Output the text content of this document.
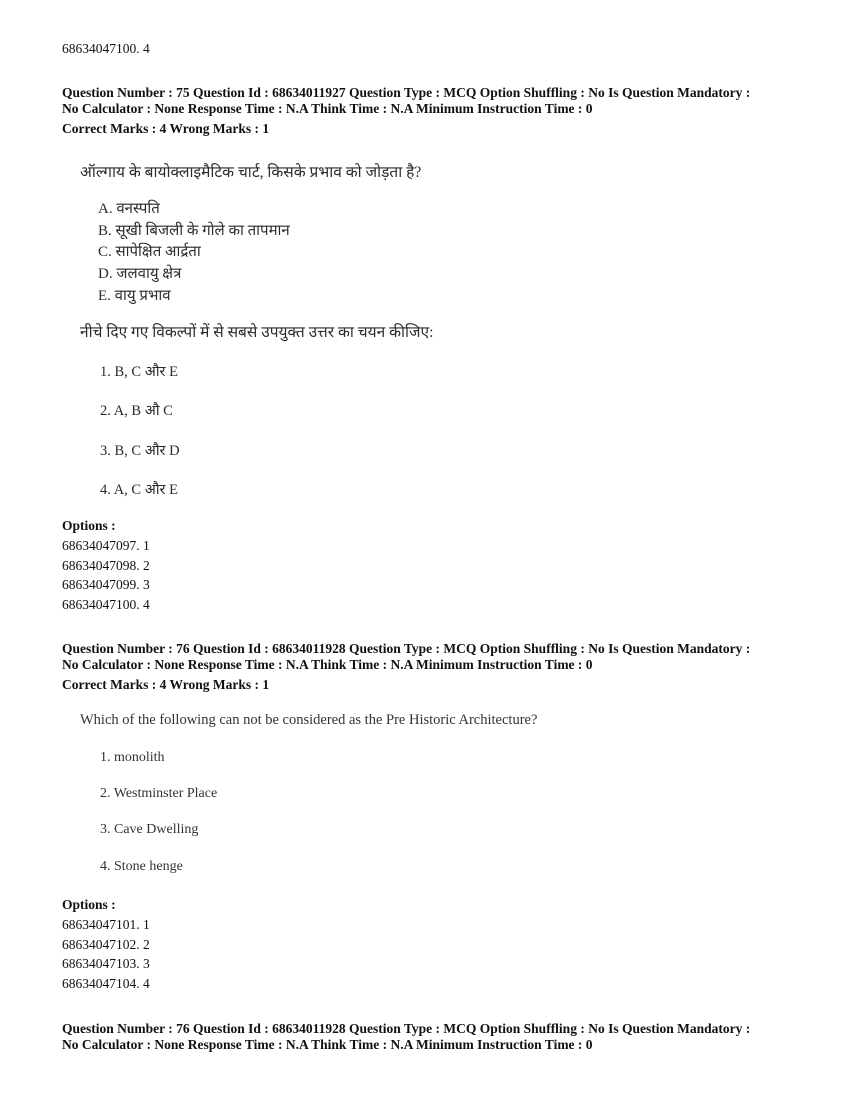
68634047100. 4
Question Number : 75 Question Id : 68634011927 Question Type : MCQ Option Shuffling : No Is Question Mandatory :
No Calculator : None Response Time : N.A Think Time : N.A Minimum Instruction Time : 0
Correct Marks : 4 Wrong Marks : 1
ऑल्गाय के बायोक्लाइमैटिक चार्ट, किसके प्रभाव को जोड़ता है?
A. वनस्पति
B. सूखी बिजली के गोले का तापमान
C. सापेक्षित आर्द्रता
D. जलवायु क्षेत्र
E. वायु प्रभाव
नीचे दिए गए विकल्पों में से सबसे उपयुक्त उत्तर का चयन कीजिए:
1. B, C और E
2. A, B औ C
3. B, C और D
4. A, C और E
Options :
68634047097. 1
68634047098. 2
68634047099. 3
68634047100. 4
Question Number : 76 Question Id : 68634011928 Question Type : MCQ Option Shuffling : No Is Question Mandatory :
No Calculator : None Response Time : N.A Think Time : N.A Minimum Instruction Time : 0
Correct Marks : 4 Wrong Marks : 1
Which of the following can not be considered as the Pre Historic Architecture?
1. monolith
2. Westminster Place
3. Cave Dwelling
4. Stone henge
Options :
68634047101. 1
68634047102. 2
68634047103. 3
68634047104. 4
Question Number : 76 Question Id : 68634011928 Question Type : MCQ Option Shuffling : No Is Question Mandatory :
No Calculator : None Response Time : N.A Think Time : N.A Minimum Instruction Time : 0
